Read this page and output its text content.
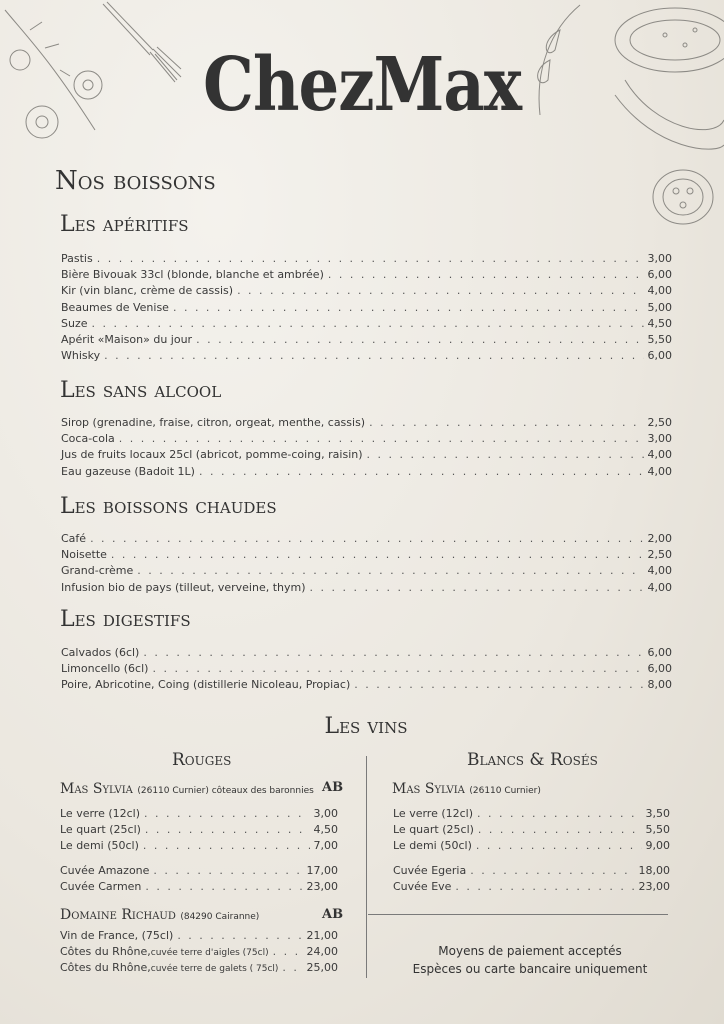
ChezMax
Nos boissons
Les apéritifs
Pastis . . .	3,00
Bière Bivouak 33cl (blonde, blanche et ambrée) . . .	6,00
Kir (vin blanc, crème de cassis) . . .	4,00
Beaumes de Venise . . .	5,00
Suze . . .	4,50
Apérit «Maison» du jour . . .	5,50
Whisky . . .	6,00
Les sans alcool
Sirop (grenadine, fraise, citron, orgeat, menthe, cassis) . . .	2,50
Coca-cola . . .	3,00
Jus de fruits locaux 25cl (abricot, pomme-coing, raisin) . . .	4,00
Eau gazeuse (Badoit 1L) . . .	4,00
Les boissons chaudes
Café . . .	2,00
Noisette . . .	2,50
Grand-crème . . .	4,00
Infusion bio de pays (tilleut, verveine, thym) . . .	4,00
Les digestifs
Calvados (6cl) . . .	6,00
Limoncello (6cl) . . .	6,00
Poire, Abricotine, Coing (distillerie Nicoleau, Propiac) . . .	8,00
Les vins
Rouges	Blancs & Rosés
Mas Sylvia (26110 Curnier) côteaux des baronnies AB
Le verre (12cl) . . .	3,00
Le quart (25cl) . . .	4,50
Le demi (50cl) . . .	7,00
Cuvée Amazone . . .	17,00
Cuvée Carmen . . .	23,00
Domaine Richaud (84290 Cairanne)	AB
Vin de France, (75cl) . . .	21,00
Côtes du Rhône, cuvée terre d'aigles (75cl) . . .	24,00
Côtes du Rhône, cuvée terre de galets ( 75cl) . . .	25,00
Mas Sylvia (26110 Curnier)
Le verre (12cl) . . .	3,50
Le quart (25cl) . . .	5,50
Le demi (50cl) . . .	9,00
Cuvée Egeria . . .	18,00
Cuvée Eve . . .	23,00
Moyens de paiement acceptés
Espèces ou carte bancaire uniquement
